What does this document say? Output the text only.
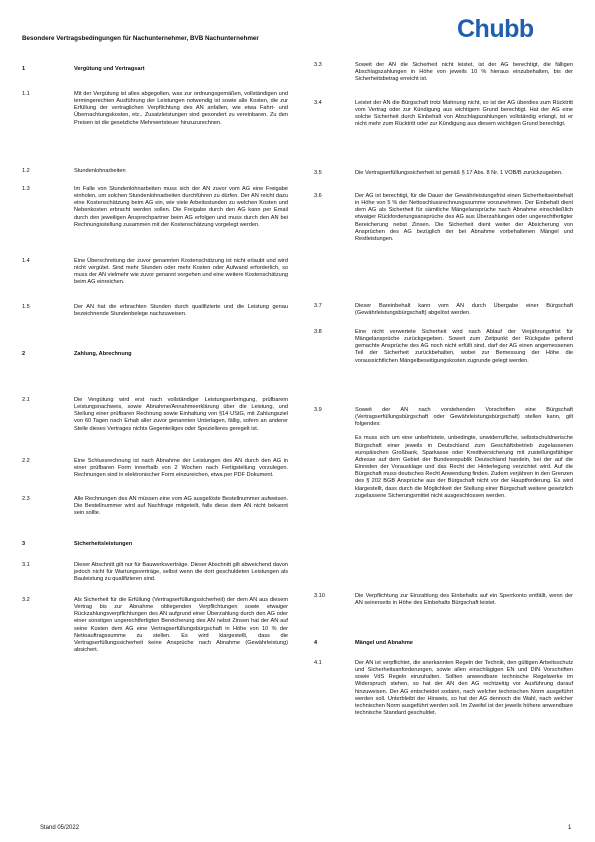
Besondere Vertragsbedingungen für Nachunternehmer, BVB Nachunternehmer	Chubb
1	Vergütung und Vertragsart
1.1	Mit der Vergütung ist alles abgegolten, was zur ordnungsgemäßen, vollständigen und termingerechten Ausführung der Leistungen notwendig ist sowie alle Kosten, die zur Erfüllung der vertraglichen Verpflichtung des AN anfallen, wie etwa Fahrt- und Übernachtungskosten, etc.. Zusatzleistungen sind gesondert zu vereinbaren. Zu den Preisen ist die gesetzliche Mehrwertsteuer hinzuzurechnen.
1.2	Stundenlohnarbeiten
1.3	Im Falle von Stundenlohnarbeiten muss sich der AN zuvor vom AG eine Freigabe einholen, um solchen Stundenlohnarbeiten durchführen zu dürfen. Der AN reicht dazu eine Kostenschätzung beim AG ein, wie viele Arbeitsstunden zu welchen Kosten und Nebenkosten erbracht werden sollen. Die Freigabe durch den AG kann per Email durch den jeweiligen Ansprechpartner beim AG erfolgen und muss durch den AN bei Rechnungsstellung zusammen mit der Kostenschätzung vorgelegt werden.
1.4	Eine Überschreitung der zuvor genannten Kostenschätzung ist nicht erlaubt und wird nicht vergütet. Sind mehr Stunden oder mehr Kosten oder Aufwand erforderlich, so muss der AN vielmehr wie zuvor genannt vorgehen und eine weitere Kostenschätzung beim AG einreichen.
1.5	Der AN hat die erbrachten Stunden durch qualifizierte und die Leistung genau bezeichnende Stundenbelege nachzuweisen.
2	Zahlung, Abrechnung
2.1	Die Vergütung wird erst nach vollständiger Leistungserbringung, prüfbarem Leistungsnachweis, sowie Abnahme/Annahmeerklärung über die Leistung, und Stellung einer prüfbaren Rechnung sowie Einhaltung von §14 UStG, mit Zahlungsziel von 60 Tagen nach Erhalt aller zuvor genannten Unterlagen, fällig, sofern an anderer Stelle dieses Vertrages nichts Gegenteiliges oder Spezielleres geregelt ist.
2.2	Eine Schlussrechnung ist nach Abnahme der Leistungen des AN durch den AG in einer prüfbaren Form innerhalb von 2 Wochen nach Fertigstellung vorzulegen. Rechnungen sind in elektronischer Form einzureichen, etwa per PDF Dokument.
2.3	Alle Rechnungen des AN müssen eine vom AG ausgelöste Bestellnummer aufweisen. Die Bestellnummer wird auf Nachfrage mitgeteilt, falls diese dem AN nicht bekannt sein sollte.
3	Sicherheitsleistungen
3.1	Dieser Abschnitt gilt nur für Bauwerksverträge. Dieser Abschnitt gilt abweichend davon jedoch nicht für Wartungsverträge, selbst wenn die dort geschuldeten Leistungen als Bauleistung zu qualifizieren sind.
3.2	Als Sicherheit für die Erfüllung (Vertragserfüllungssicherheit) der dem AN aus diesem Vertrag bis zur Abnahme obliegenden Verpflichtungen sowie etwaiger Rückzahlungsverpflichtungen des AN aufgrund einer Überzahlung durch den AG oder einer sonstigen ungerechtfertigten Bereicherung des AN nebst Zinsen hat der AN auf seine Kosten dem AG eine Vertragserfüllungsbürgschaft in Höhe von 10 % der Nettoauftragssumme zu stellen. Es wird klargestellt, dass die Vertragserfüllungssicherheit keine Ansprüche nach Abnahme (Gewährleistung) absichert.
3.3	Soweit der AN die Sicherheit nicht leistet, ist der AG berechtigt, die fälligen Abschlagszahlungen in Höhe von jeweils 10 % hieraus einzubehalten, bis der Sicherheitsbetrag erreicht ist.
3.4	Leistet der AN die Bürgschaft trotz Mahnung nicht, so ist der AG überdies zum Rücktritt vom Vertrag oder zur Kündigung aus wichtigem Grund berechtigt. Hat der AG eine solche Sicherheit durch Einbehalt von Abschlagszahlungen vollständig erlangt, ist er nicht mehr zum Rücktritt oder zur Kündigung aus diesem wichtigen Grund berechtigt.
3.5	Die Vertragserfüllungssicherheit ist gemäß § 17 Abs. 8 Nr. 1 VOB/B zurückzugeben.
3.6	Der AG ist berechtigt, für die Dauer der Gewährleistungsfrist einen Sicherheitseinbehalt in Höhe von 5 % der Nettoschlussrechnungssumme vorzunehmen. Der Einbehalt dient dem AG als Sicherheit für sämtliche Mängelansprüche nach Abnahme einschließlich etwaiger Rückforderungsansprüche des AG aus Überzahlungen oder ungerechtfertigter Bereicherung nebst Zinsen. Die Sicherheit dient weiter der Absicherung von Ansprüchen des AG bezüglich der bei Abnahme vorbehaltenen Mängel und Restleistungen.
3.7	Dieser Bareinbehalt kann vom AN durch Übergabe einer Bürgschaft (Gewährleistungsbürgschaft) abgelöst werden.
3.8	Eine nicht verwertete Sicherheit wird nach Ablauf der Verjährungsfrist für Mängelansprüche zurückgegeben. Soweit zum Zeitpunkt der Rückgabe geltend gemachte Ansprüche des AG noch nicht erfüllt sind, darf der AG einen angemessenen Teil der Sicherheit zurückbehalten, wobei zur Bemessung der Höhe die voraussichtlichen Mängelbeseitigungskosten zugrunde gelegt werden.
3.9	Soweit der AN nach vorstehenden Vorschriften eine Bürgschaft (Vertragserfüllungsbürgschaft oder Gewährleistungsbürgschaft) stellen kann, gilt folgendes:
Es muss sich um eine unbefristete, unbedingte, unwiderrufliche, selbstschuldnerische Bürgschaft einer jeweils in Deutschland zum Geschäftsbetrieb zugelassenen europäischen Großbank, Sparkasse oder Kreditversicherung mit zustellungsfähiger Adresse auf dem Gebiet der Bundesrepublik Deutschland handeln, bei der auf die Einreden der Vorausklage und das Recht der Hinterlegung verzichtet wird. Auf die Bürgschaft muss deutsches Recht Anwendung finden. Zudem verjähren in den Grenzen des § 202 BGB Ansprüche aus der Bürgschaft nicht vor der Hauptforderung. Es wird klargestellt, dass durch die Möglichkeit der Stellung einer Bürgschaft weitere gesetzlich zugelassene Sicherungsmittel nicht ausgeschlossen werden.
3.10	Die Verpflichtung zur Einzahlung des Einbehalts auf ein Sperrkonto entfällt, wenn der AN seinerseits in Höhe des Einbehalts Bürgschaft leistet.
4	Mängel und Abnahme
4.1	Der AN ist verpflichtet, die anerkannten Regeln der Technik, den gültigen Arbeitsschutz und Sicherheitsanforderungen, sowie allen einschlägigen EN und DIN Vorschriften sowie VdS Regeln einzuhalten. Sollten anwendbare technische Regelwerke im Widerspruch stehen, so hat der AN den AG rechtzeitig vor Ausführung darauf hinzuweisen. Der AG entscheidet sodann, nach welcher technischen Norm ausgeführt werden soll. Unterbleibt der Hinweis, so hat der AG dennoch die Wahl, nach welcher technischen Norm ausgeführt werden soll. Im Zweifel ist der jeweils höhere anwendbare technische Standard geschuldet.
Stand 05/2022	1
